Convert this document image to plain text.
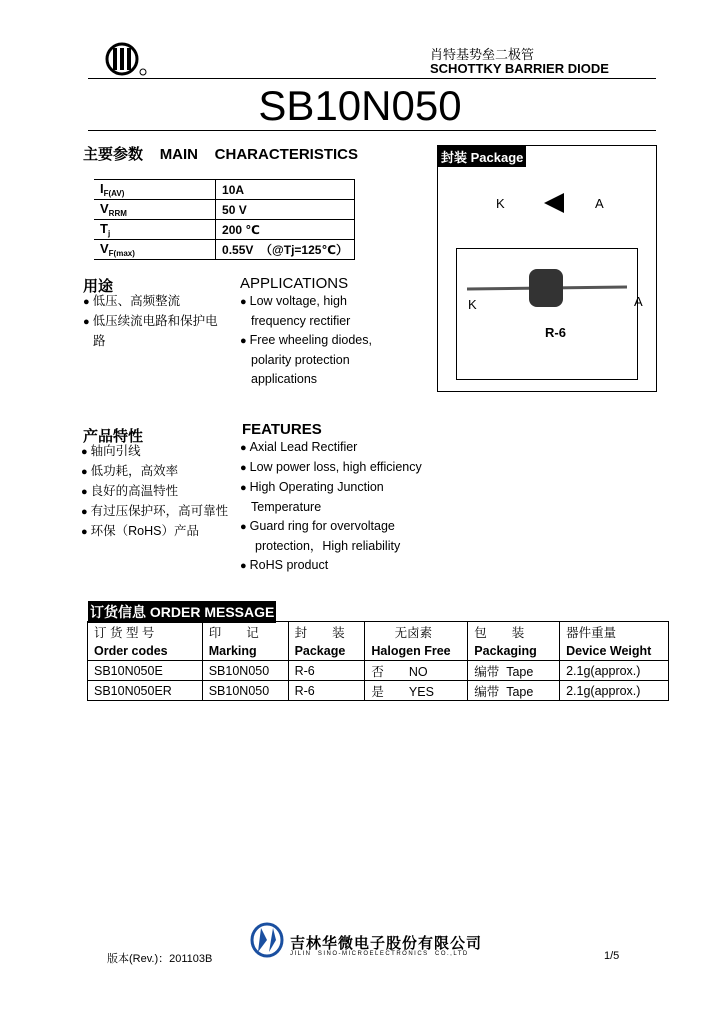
肖特基势垒二极管
SCHOTTKY BARRIER DIODE
SB10N050
主要参数 MAIN    CHARACTERISTICS
$I_{F(AV)}$	10A
$V_{RRM}$	50 V
$T_j$	200 ℃
$V_{F(max)}$	0.55V  （@Tj=125℃）
封装 Package
K	A
K	A
R-6
用途	APPLICATIONS
● 低压、高频整流
● 低压续流电路和保护电
路
● Low voltage, high
frequency rectifier
● Free wheeling diodes,
polarity protection
applications
产品特性	FEATURES
● 轴向引线
● 低功耗，高效率
● 良好的高温特性
● 有过压保护环，高可靠性
● 环保（RoHS）产品
● Axial Lead Rectifier
● Low power loss, high efficiency
● High Operating Junction
Temperature
● Guard ring for overvoltage
protection，High reliability
● RoHS product
订货信息 ORDER MESSAGE
订 货 型 号	印　　记	封　　装	无卤素	包　　装	器件重量
Order codes	Marking	Package	Halogen Free	Packaging	Device Weight
SB10N050E	SB10N050	R-6	否　　NO	编带  Tape	2.1g(approx.)
SB10N050ER	SB10N050	R-6	是　　YES	编带  Tape	2.1g(approx.)
版本(Rev.)：201103B
吉林华微电子股份有限公司
JILIN  SINO-MICROELECTRONICS  CO.,LTD	1/5
